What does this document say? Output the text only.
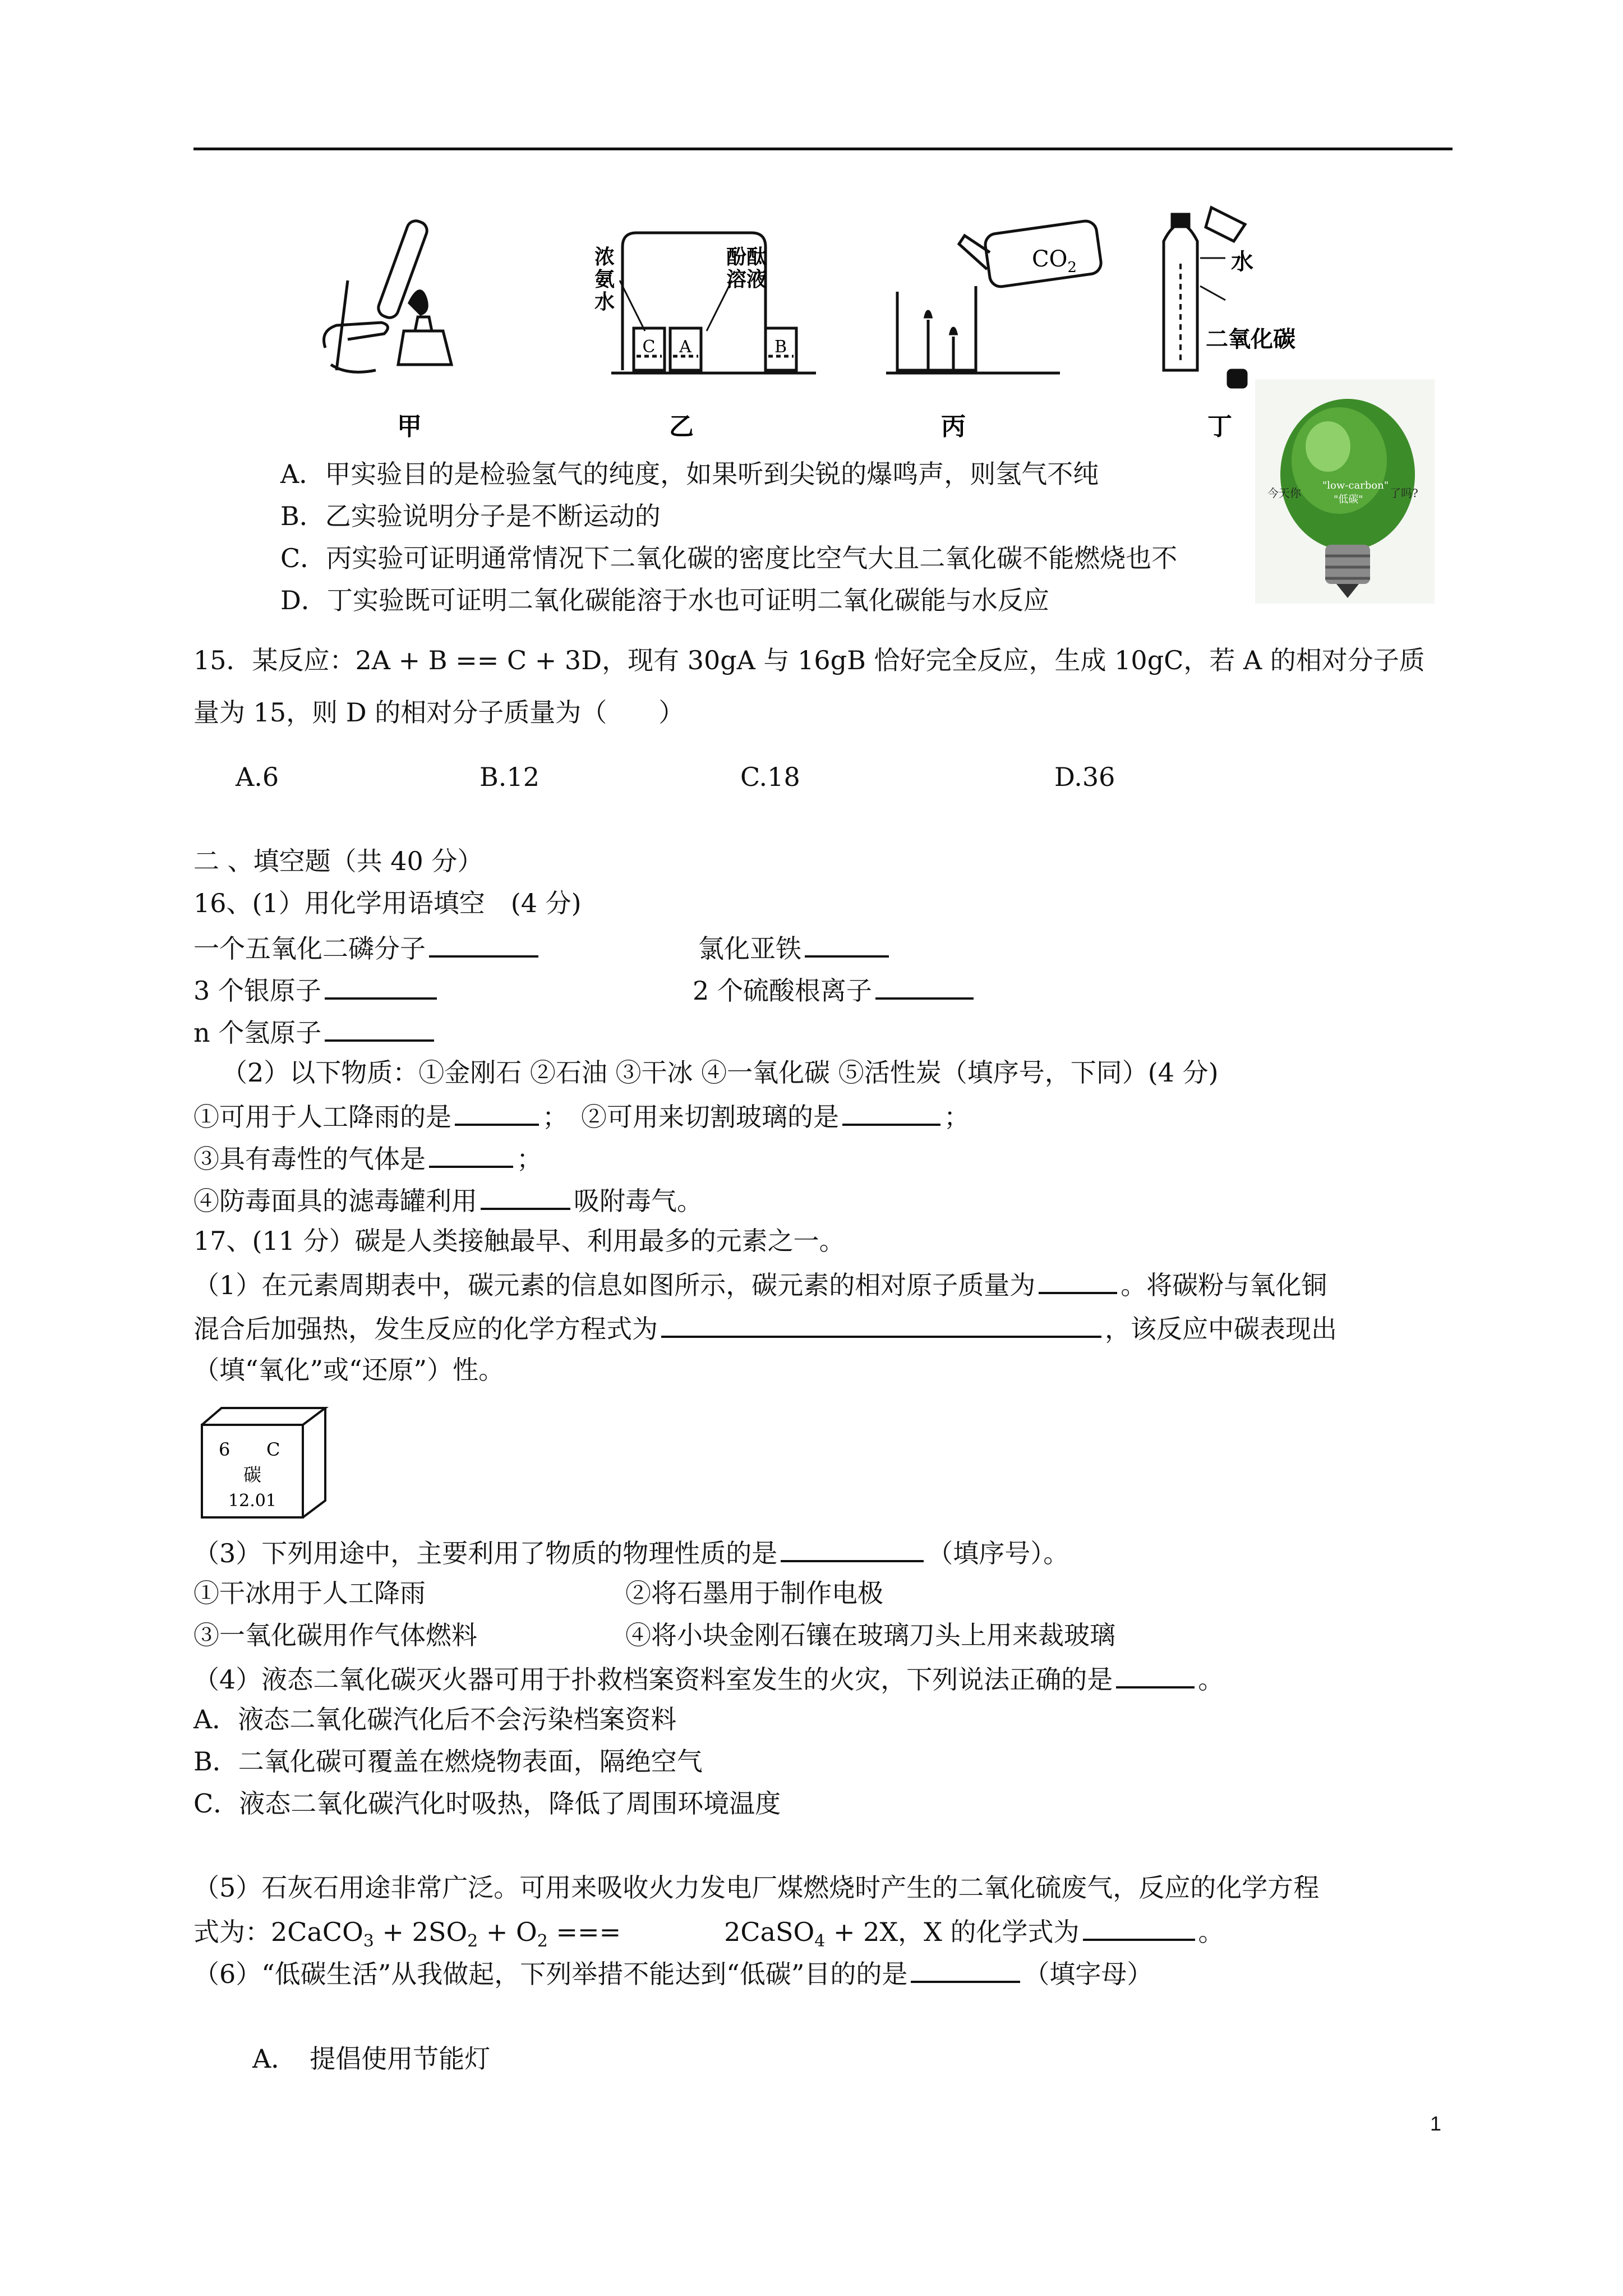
甲
浓
氨
水
酚酞
溶液
C A	B
乙
$CO_2$
丙
水
二氧化碳
丁
今天你
"low-carbon"
"低碳" 了吗?
A．甲实验目的是检验氢气的纯度，如果听到尖锐的爆鸣声，则氢气不纯
B．乙实验说明分子是不断运动的
C．丙实验可证明通常情况下二氧化碳的密度比空气大且二氧化碳不能燃烧也不
D．丁实验既可证明二氧化碳能溶于水也可证明二氧化碳能与水反应
15．某反应：2A + B == C + 3D，现有 30gA 与 16gB 恰好完全反应，生成 10gC，若 A 的相对分子质
量为 15，则 D 的相对分子质量为（　　）
A.6	B.12	C.18	D.36
二 、填空题（共 40 分）
16、(1）用化学用语填空　(4 分)
一个五氧化二磷分子	氯化亚铁
3 个银原子	2 个硫酸根离子
n 个氢原子
（2）以下物质：①金刚石 ②石油 ③干冰 ④一氧化碳 ⑤活性炭（填序号，下同）(4 分)
①可用于人工降雨的是	；　②可用来切割玻璃的是	；
③具有毒性的气体是	；
④防毒面具的滤毒罐利用	吸附毒气。
17、(11 分）碳是人类接触最早、利用最多的元素之一。
（1）在元素周期表中，碳元素的信息如图所示，碳元素的相对原子质量为	。将碳粉与氧化铜
混合后加强热，发生反应的化学方程式为	，该反应中碳表现出
（填“氧化”或“还原”）性。
6 C
碳
12.01
（3）下列用途中，主要利用了物质的物理性质的是	（填序号）。
①干冰用于人工降雨	②将石墨用于制作电极
③一氧化碳用作气体燃料	④将小块金刚石镶在玻璃刀头上用来裁玻璃
（4）液态二氧化碳灭火器可用于扑救档案资料室发生的火灾，下列说法正确的是	。
A．液态二氧化碳汽化后不会污染档案资料
B．二氧化碳可覆盖在燃烧物表面，隔绝空气
C．液态二氧化碳汽化时吸热，降低了周围环境温度
（5）石灰石用途非常广泛。可用来吸收火力发电厂煤燃烧时产生的二氧化硫废气，反应的化学方程
式为：2CaCO$_3$ + $2SO_2 + O_2$ ===　　　　2CaSO$_4$ + 2X，X 的化学式为	。
（6）“低碳生活”从我做起，下列举措不能达到“低碳”目的的是	（填字母）
A．　提倡使用节能灯
1
